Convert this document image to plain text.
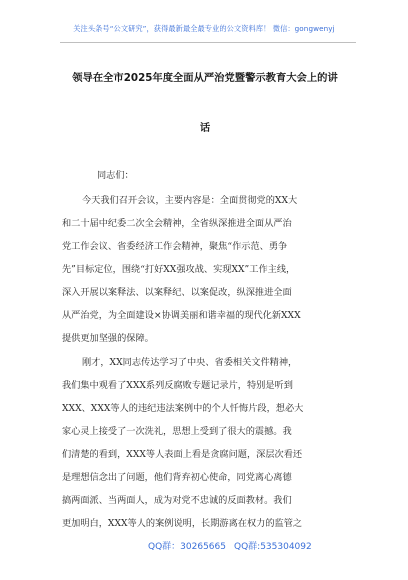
关注头条号“公文研究”，获得最新最全最专业的公文资料库！ 微信：gongwenyj
领导在全市2025年度全面从严治党暨警示教育大会上的讲
话
同志们：
今天我们召开会议，主要内容是：全面贯彻党的XX大
和二十届中纪委二次全会精神，全省纵深推进全面从严治
党工作会议、省委经济工作会精神，聚焦“作示范、勇争
先”目标定位，围绕“打好XX强攻战、实现XX”工作主线，
深入开展以案释法、以案释纪、以案促改，纵深推进全面
从严治党，为全面建设×协调美丽和谐幸福的现代化新XXX
提供更加坚强的保障。
刚才，XX同志传达学习了中央、省委相关文件精神，
我们集中观看了XXX系列反腐败专题记录片，特别是听到
XXX、XXX等人的违纪违法案例中的个人忏悔片段，想必大
家心灵上接受了一次洗礼，思想上受到了很大的震撼。我
们清楚的看到，XXX等人表面上看是贪腐问题，深层次看还
是理想信念出了问题，他们背弃初心使命，同党离心离德
搞两面派、当两面人，成为对党不忠诚的反面教材。我们
更加明白，XXX等人的案例说明，长期游离在权力的监管之
QQ群：30265665 QQ群:535304092
